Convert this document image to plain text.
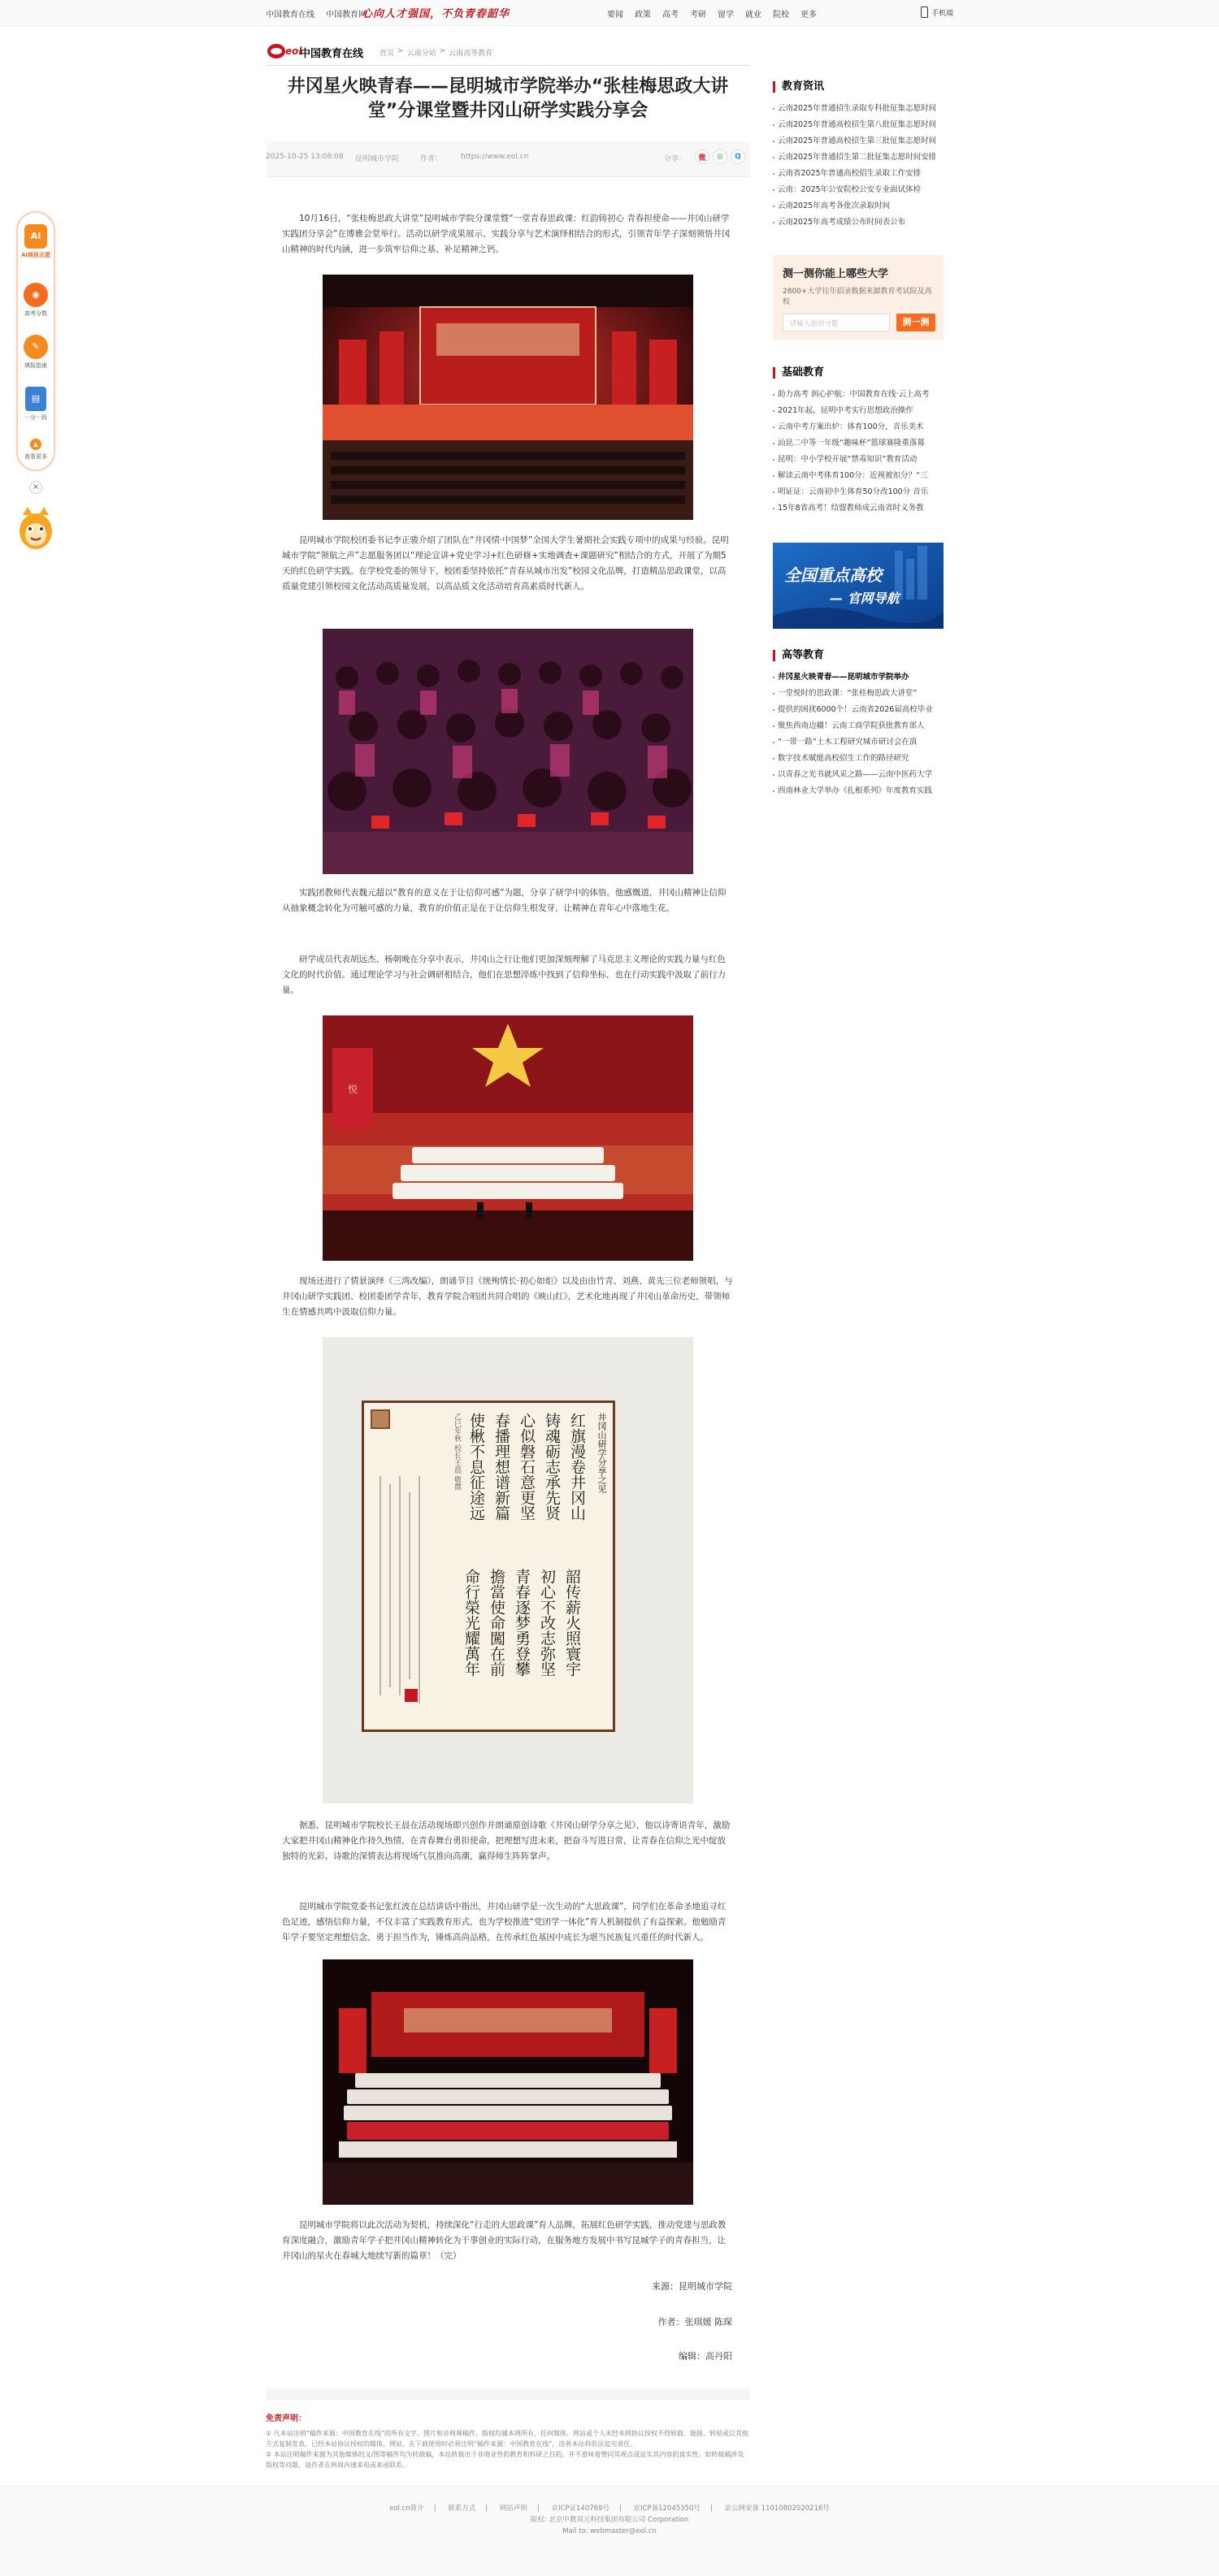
中国教育在线 中国教育网
心向人才强国，不负青春韶华	要闻 政策 高考 考研 留学 就业 院校 更多	手机端
AI
AI填报志愿
◉
高考分数
✎
填报指南
▤
一分一段
▲
查看更多
×
eol
中国教育在线 首页 > 云南分站 > 云南高等教育
井冈星火映青春——昆明城市学院举办“张桂梅思政大讲堂”分课堂暨井冈山研学实践分享会
2025-10-25 13:08:08 昆明城市学院	作者：	https://www.eol.cn	分享：	微	◎	Q

10月16日，“张桂梅思政大讲堂”昆明城市学院分课堂暨“一堂青春思政课：红韵铸初心 青春担使命——井冈山研学实践团分享会”在博雅会堂举行。活动以研学成果展示、实践分享与艺术演绎相结合的形式，引领青年学子深刻领悟井冈山精神的时代内涵，进一步筑牢信仰之基、补足精神之钙。

昆明城市学院校团委书记李正骏介绍了团队在“井冈情·中国梦”全国大学生暑期社会实践专项中的成果与经验。昆明城市学院“领航之声”志愿服务团以“理论宣讲+党史学习+红色研修+实地调查+课题研究”相结合的方式，开展了为期5天的红色研学实践。在学校党委的领导下，校团委坚持依托“青春从城市出发”校园文化品牌，打造精品思政课堂，以高质量党建引领校园文化活动高质量发展，以高品质文化活动培育高素质时代新人。

实践团教师代表魏元超以“教育的意义在于让信仰可感”为题，分享了研学中的体悟。他感慨道，井冈山精神让信仰从抽象概念转化为可触可感的力量，教育的价值正是在于让信仰生根发芽，让精神在青年心中落地生花。

研学成员代表胡远杰、杨朝晚在分享中表示，井冈山之行让他们更加深刻理解了马克思主义理论的实践力量与红色文化的时代价值。通过理论学习与社会调研相结合，他们在思想淬炼中找到了信仰坐标，也在行动实践中汲取了前行力量。

悦

现场还进行了情景演绎《三湾改编》，朗诵节目《统殉情长·初心如炬》以及由由竹青、刘燕、黄先三位老师领唱，与井冈山研学实践团、校团委团学青年，教育学院合唱团共同合唱的《映山红》，艺术化地再现了井冈山革命历史，带领师生在情感共鸣中汲取信仰力量。

井冈山研学分享之见
红旗漫卷井冈山
铸魂砺志承先贤
心似磐石意更坚
春播理想谱新篇
使楸不息征途远
乙巳年秋 校长王晨 敬撰
韶传薪火照寰宇
初心不改志弥坚
青春逐梦勇登攀
擔當使命闖在前
命行榮光耀萬年

据悉，昆明城市学院校长王晨在活动现场即兴创作并朗诵原创诗歌《井冈山研学分享之见》，他以诗寄语青年，激励大家把井冈山精神化作持久热情，在青春舞台勇担使命，把理想写进未来，把奋斗写进日常，让青春在信仰之光中绽放独特的光彩。诗歌的深情表达将现场气氛推向高潮，赢得师生阵阵掌声。

昆明城市学院党委书记张红波在总结讲话中指出，井冈山研学是一次生动的“大思政课”，同学们在革命圣地追寻红色足迹，感悟信仰力量，不仅丰富了实践教育形式，也为学校推进“党团学一体化”育人机制提供了有益探索。他勉励青年学子要坚定理想信念、勇于担当作为，锤炼高尚品格，在传承红色基因中成长为堪当民族复兴重任的时代新人。

昆明城市学院将以此次活动为契机，持续深化“行走的大思政课”育人品牌，拓展红色研学实践，推动党建与思政教育深度融合，激励青年学子把井冈山精神转化为干事创业的实际行动，在服务地方发展中书写昆城学子的青春担当，让井冈山的星火在春城大地续写新的篇章！（完）

来源：昆明城市学院
作者：张琪媛 陈琛
编辑：高丹阳
免责声明：
① 凡本站注明“稿件来源：中国教育在线”的所有文字、图片和音视频稿件，版权均属本网所有，任何媒体、网站或个人未经本网协议授权不得转载、链接、转贴或以其他方式复制发表。已经本站协议授权的媒体、网站，在下载使用时必须注明“稿件来源：中国教育在线”，违者本站将依法追究责任。
② 本站注明稿件来源为其他媒体的文/图等稿件均为转载稿，本站转载出于非商业性的教育和科研之目的，并不意味着赞同其观点或证实其内容的真实性。如转载稿涉及版权等问题，请作者在两周内速来电或来函联系。
教育资讯
云南2025年普通招生录取专科批征集志愿时间
云南2025年普通高校招生第八批征集志愿时间
云南2025年普通高校招生第三批征集志愿时间
云南2025年普通招生第二批征集志愿时间安排
云南省2025年普通高校招生录取工作安排
云南：2025年公安院校公安专业面试体检
云南2025年高考各批次录取时间
云南2025年高考成绩公布时间表公布
测一测你能上哪些大学
2800+大学往年招录数据来源教育考试院及高校
请输入您的分数	测一测
基础教育
助力高考 润心护航：中国教育在线·云上高考
2021年起，昆明中考实行思想政治操作
云南中考方案出炉：体育100分，音乐美术
汕昆二中等一年级“趣味杯”篮球赛隆重落幕
昆明：中小学校开展“禁毒知识”教育活动
解读云南中考体育100分：近视被扣分？“三
明证证：云南初中生体育50分改100分 音乐
15年8省高考！结盟教师成云南省时义务教
全国重点高校
— 官网导航
高等教育
井冈星火映青春——昆明城市学院举办
一堂悦时的思政课：“张桂梅思政大讲堂”
提供的困扰6000个！云南省2026届高校毕业
聚焦西南边疆！云南工商学院获批教育部人
“一带一路”土木工程研究城市研讨会在滇
数字技术赋能高校招生工作的路径研究
以青春之光书就风采之路——云南中医药大学
西南林业大学举办《扎根系列》年度教育实践
eol.cn简介 | 联系方式 | 网站声明 | 京ICP证140769号 | 京ICP备12045350号 | 京公网安备 11010802020216号
版权: 北京中教双元科技集团有限公司 Corporation
Mail to: webmaster@eol.cn
